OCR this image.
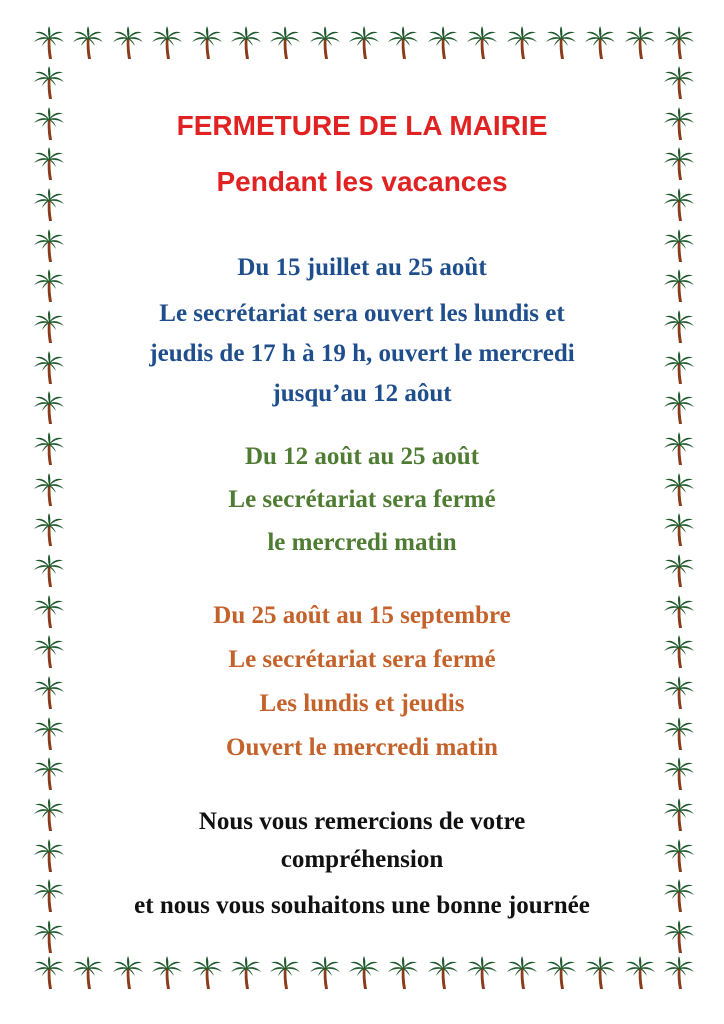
FERMETURE DE LA MAIRIE
Pendant les vacances

Du 15 juillet au 25 août

Le secrétariat sera ouvert les lundis et

jeudis de 17 h à 19 h, ouvert le mercredi

jusqu’au 12 aôut

Du 12 août au 25 août

Le secrétariat sera fermé

le mercredi matin

Du 25 août au 15 septembre

Le secrétariat sera fermé

Les lundis et jeudis

Ouvert le mercredi matin

Nous vous remercions de votre

compréhension

et nous vous souhaitons une bonne journée
